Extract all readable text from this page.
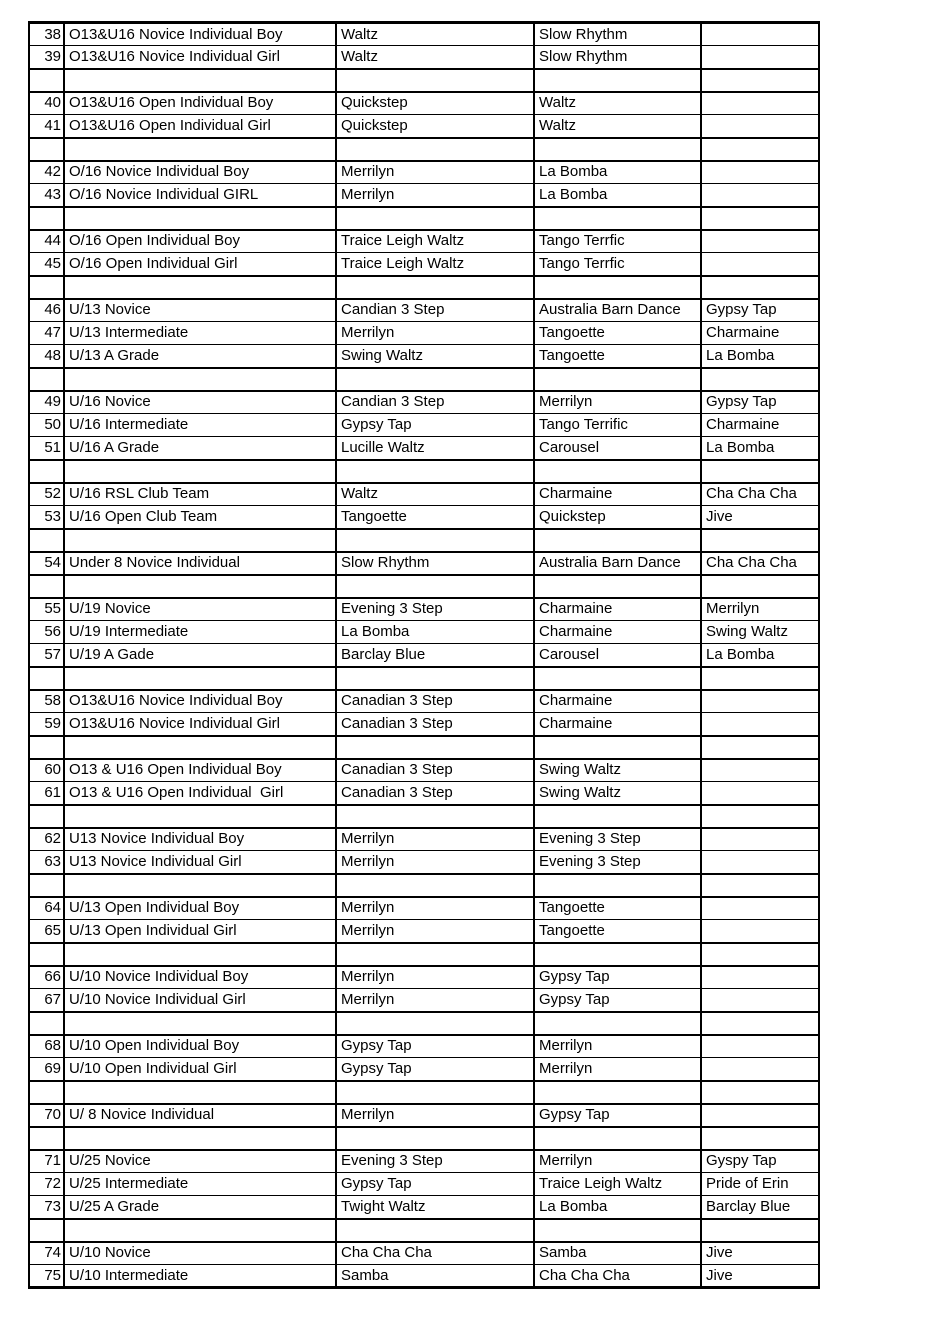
38	O13&U16 Novice Individual Boy	Waltz	Slow Rhythm	
39	O13&U16 Novice Individual Girl	Waltz	Slow Rhythm	

40	O13&U16 Open Individual Boy	Quickstep	Waltz	
41	O13&U16 Open Individual Girl	Quickstep	Waltz	

42	O/16 Novice Individual Boy	Merrilyn	La Bomba	
43	O/16 Novice Individual GIRL	Merrilyn	La Bomba	

44	O/16 Open Individual Boy	Traice Leigh Waltz	Tango Terrfic	
45	O/16 Open Individual Girl	Traice Leigh Waltz	Tango Terrfic	

46	U/13 Novice	Candian 3 Step	Australia Barn Dance	Gypsy Tap
47	U/13 Intermediate	Merrilyn	Tangoette	Charmaine
48	U/13 A Grade	Swing Waltz	Tangoette	La Bomba

49	U/16 Novice	Candian 3 Step	Merrilyn	Gypsy Tap
50	U/16 Intermediate	Gypsy Tap	Tango Terrific	Charmaine
51	U/16 A Grade	Lucille Waltz	Carousel	La Bomba

52	U/16 RSL Club Team	Waltz	Charmaine	Cha Cha Cha
53	U/16 Open Club Team	Tangoette	Quickstep	Jive

54	Under 8 Novice Individual	Slow Rhythm	Australia Barn Dance	Cha Cha Cha

55	U/19 Novice	Evening 3 Step	Charmaine	Merrilyn
56	U/19 Intermediate	La Bomba	Charmaine	Swing Waltz
57	U/19 A Gade	Barclay Blue	Carousel	La Bomba

58	O13&U16 Novice Individual Boy	Canadian 3 Step	Charmaine	
59	O13&U16 Novice Individual Girl	Canadian 3 Step	Charmaine	

60	O13 & U16 Open Individual Boy	Canadian 3 Step	Swing Waltz	
61	O13 & U16 Open Individual  Girl	Canadian 3 Step	Swing Waltz	

62	U13 Novice Individual Boy	Merrilyn	Evening 3 Step	
63	U13 Novice Individual Girl	Merrilyn	Evening 3 Step	

64	U/13 Open Individual Boy	Merrilyn	Tangoette	
65	U/13 Open Individual Girl	Merrilyn	Tangoette	

66	U/10 Novice Individual Boy	Merrilyn	Gypsy Tap	
67	U/10 Novice Individual Girl	Merrilyn	Gypsy Tap	

68	U/10 Open Individual Boy	Gypsy Tap	Merrilyn	
69	U/10 Open Individual Girl	Gypsy Tap	Merrilyn	

70	U/ 8 Novice Individual	Merrilyn	Gypsy Tap	

71	U/25 Novice	Evening 3 Step	Merrilyn	Gyspy Tap
72	U/25 Intermediate	Gypsy Tap	Traice Leigh Waltz	Pride of Erin
73	U/25 A Grade	Twight Waltz	La Bomba	Barclay Blue

74	U/10 Novice	Cha Cha Cha	Samba	Jive
75	U/10 Intermediate	Samba	Cha Cha Cha	Jive
